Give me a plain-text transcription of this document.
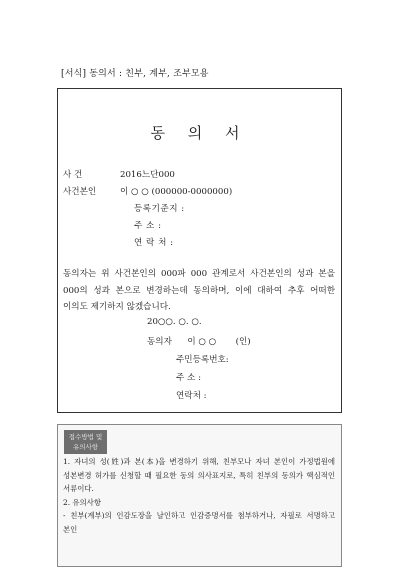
[서식] 동의서 : 친부, 계부, 조부모용
동 의 서
사 건	2016느단000
사건본인	이 ○ ○ (000000-0000000)
등록기준지 :
주 소 :
연 락 처 :
동의자는 위 사건본인의 000파 000 관계로서 사건본인의 성과 본을 000의 성과 본으로 변경하는데 동의하며, 이에 대하여 추후 어떠한 이의도 제기하지 않겠습니다.
20○○. ○. ○.
동의자 이 ○ ○ (인)
주민등록번호:
주 소 :
연락처 :
접수방법 및
유의사항

1. 자녀의 성(姓)과 본(本)을 변경하기 위해, 친부모나 자녀 본인이 가정법원에 성본변경 허가를 신청할 때 필요한 동의 의사표지로, 특히 친부의 동의가 핵심적인 서류이다.

2. 유의사항

- 친부(계부)의 인감도장을 날인하고 인감증명서를 첨부하거나, 자필로 서명하고 본인
